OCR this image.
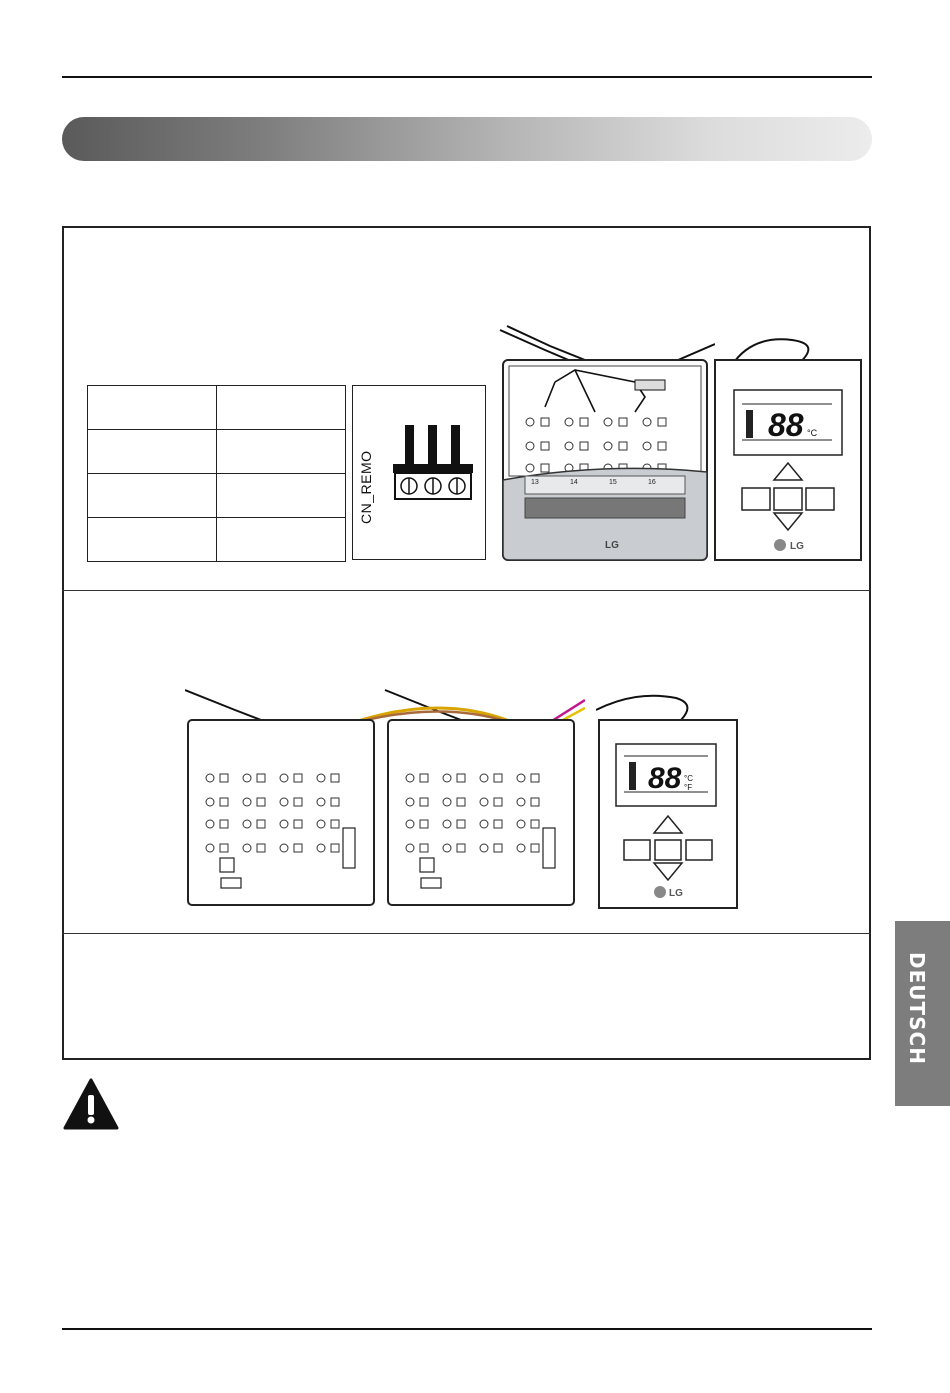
CN_REMO	13	14	15	16
LG
88 °C
LG
88 °C
°F
LG
DEUTSCH
